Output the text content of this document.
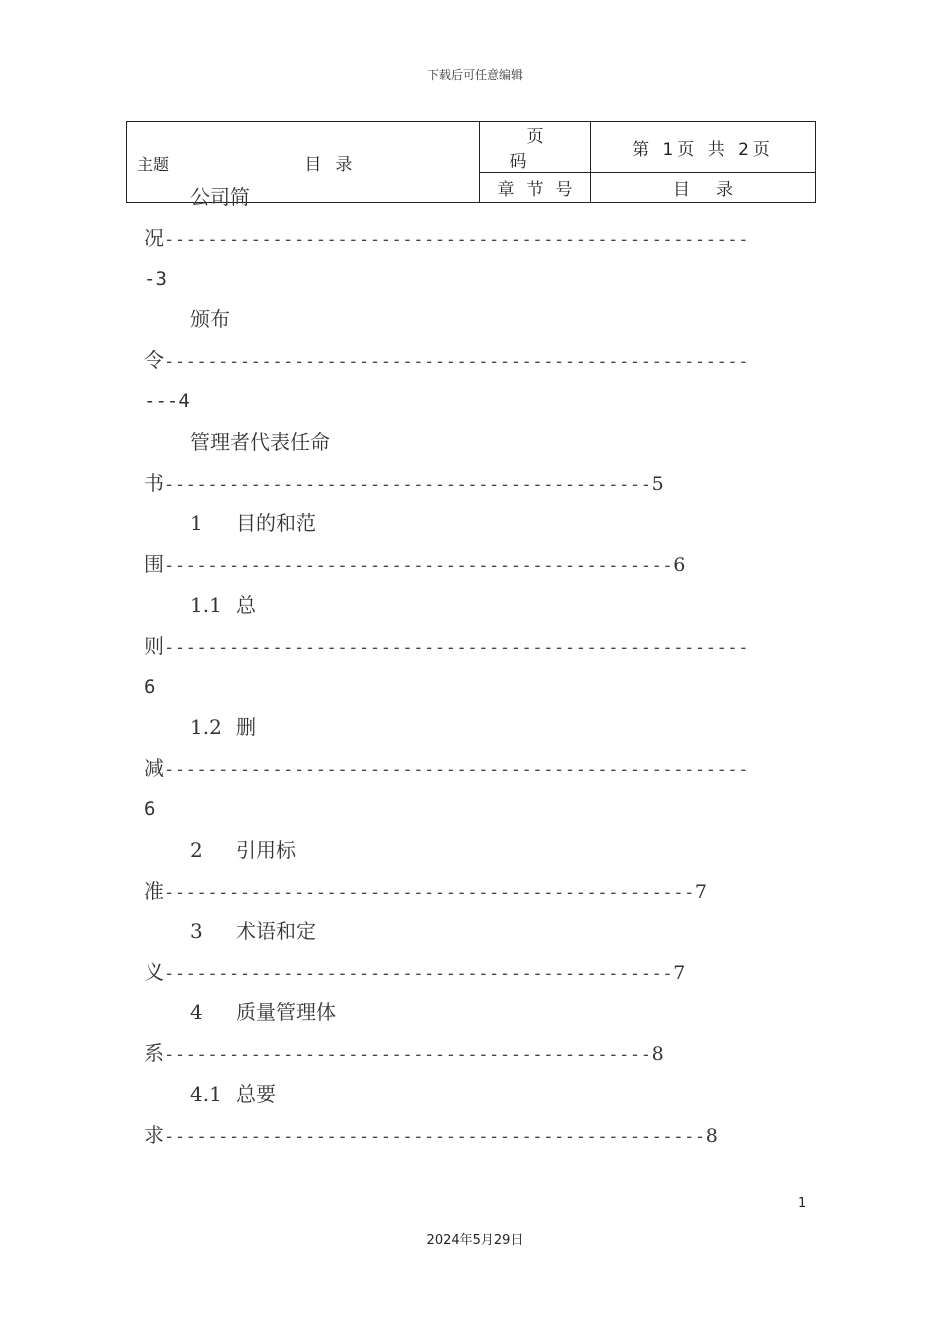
下载后可任意编辑
主题 目录	页码	第 1页 共 2页
	章节号	目录
公司简
况------------------------------------------------------
-3
颁布
令------------------------------------------------------
---4
管理者代表任命
书---------------------------------------------5
1 目的和范
围-----------------------------------------------6
1.1 总
则------------------------------------------------------
6
1.2 删
减------------------------------------------------------
6
2 引用标
准-------------------------------------------------7
3 术语和定
义-----------------------------------------------7
4 质量管理体
系---------------------------------------------8
4.1 总要
求--------------------------------------------------8
1
2024年5月29日
